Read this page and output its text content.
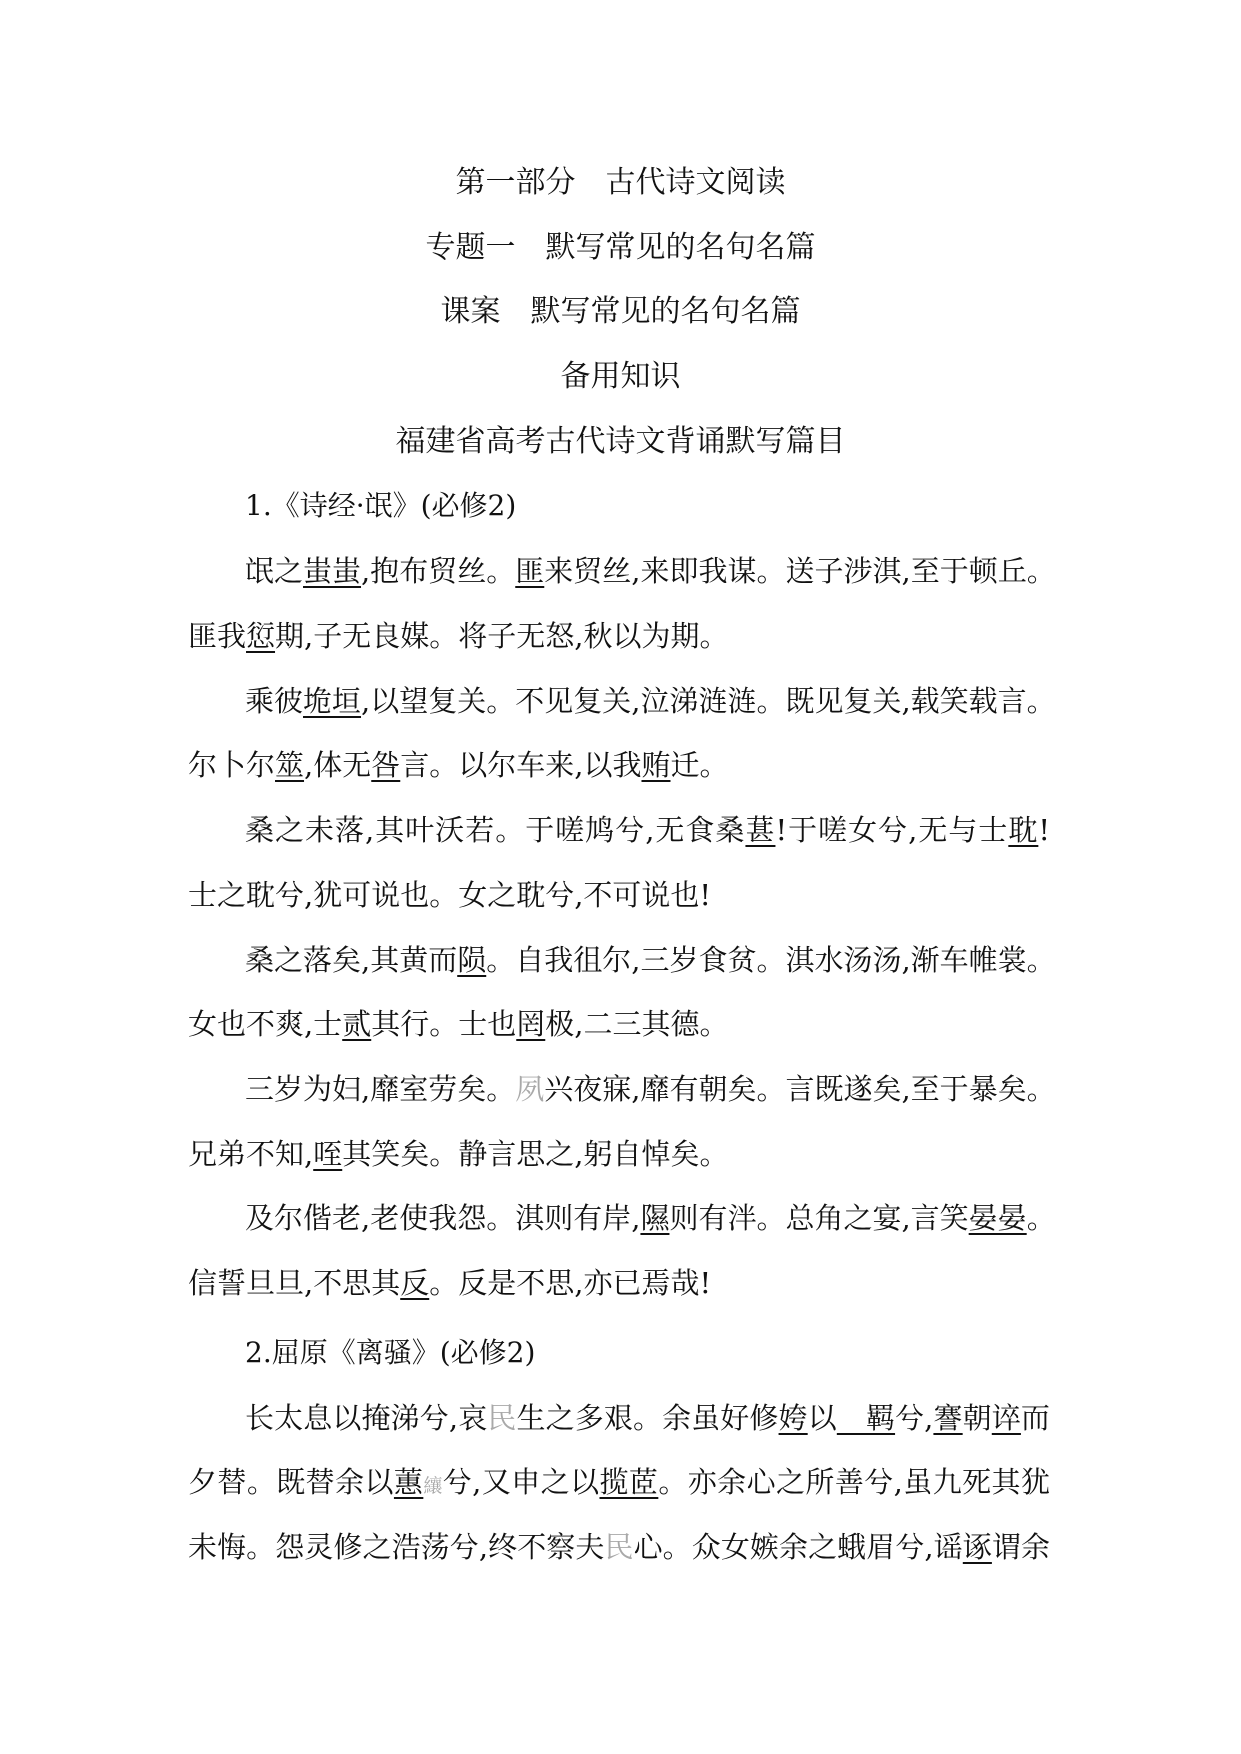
第一部分　古代诗文阅读
专题一　默写常见的名句名篇
课案　默写常见的名句名篇
备用知识
福建省高考古代诗文背诵默写篇目
1.《诗经·氓》(必修2)
氓之蚩蚩,抱布贸丝。匪来贸丝,来即我谋。送子涉淇,至于顿丘。
匪我愆期,子无良媒。将子无怒,秋以为期。
乘彼垝垣,以望复关。不见复关,泣涕涟涟。既见复关,载笑载言。
尔卜尔筮,体无咎言。以尔车来,以我贿迁。
桑之未落,其叶沃若。于嗟鸠兮,无食桑葚!于嗟女兮,无与士耽!
士之耽兮,犹可说也。女之耽兮,不可说也!
桑之落矣,其黄而陨。自我徂尔,三岁食贫。淇水汤汤,渐车帷裳。
女也不爽,士贰其行。士也罔极,二三其德。
三岁为妇,靡室劳矣。夙兴夜寐,靡有朝矣。言既遂矣,至于暴矣。
兄弟不知,咥其笑矣。静言思之,躬自悼矣。
及尔偕老,老使我怨。淇则有岸,隰则有泮。总角之宴,言笑晏晏。
信誓旦旦,不思其反。反是不思,亦已焉哉!
2.屈原《离骚》(必修2)
长太息以掩涕兮,哀民生之多艰。余虽好修姱以　羁兮,謇朝谇而
夕替。既替余以蕙纕兮,又申之以揽茝。亦余心之所善兮,虽九死其犹
未悔。怨灵修之浩荡兮,终不察夫民心。众女嫉余之蛾眉兮,谣诼谓余
